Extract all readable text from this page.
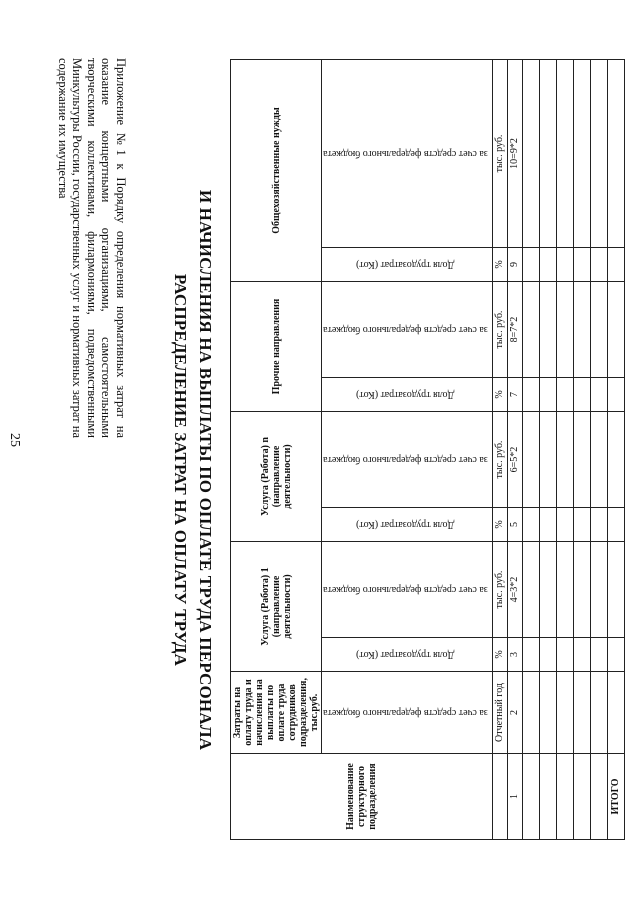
25
Приложение №1 к Порядку определения нормативных затрат на оказание концертными организациями, самостоятельными творческими коллективами, филармониями, подведомственными Минкультуры России, государственных услуг и нормативных затрат на содержание их имущества
РАСПРЕДЕЛЕНИЕ ЗАТРАТ НА ОПЛАТУ ТРУДА И НАЧИСЛЕНИЯ НА ВЫПЛАТЫ ПО ОПЛАТЕ ТРУДА ПЕРСОНАЛА
Наименование структурного подразделения	Затраты на оплату труда и начисления на выплаты по оплате труда сотрудников подразделения, тыс.руб.	Услуга (Работа) 1 (направление деятельности)		Услуга (Работа) n (направление деятельности)		Прочие направления		Общехозяйственные нужды	
	за счет средств федерального бюджета	Доля трудозатрат (Кот)	за счет средств федерального бюджета	Доля трудозатрат (Кот)	за счет средств федерального бюджета	Доля трудозатрат (Кот)	за счет средств федерального бюджета	Доля трудозатрат (Кот)	за счет средств федерального бюджета
	Отчетный год	%	тыс. руб.	%	тыс. руб.	%	тыс. руб.	%	тыс. руб.
1	2	3	4=3*2	5	6=5*2	7	8=7*2	9	10=9*2

ИТОГО									
